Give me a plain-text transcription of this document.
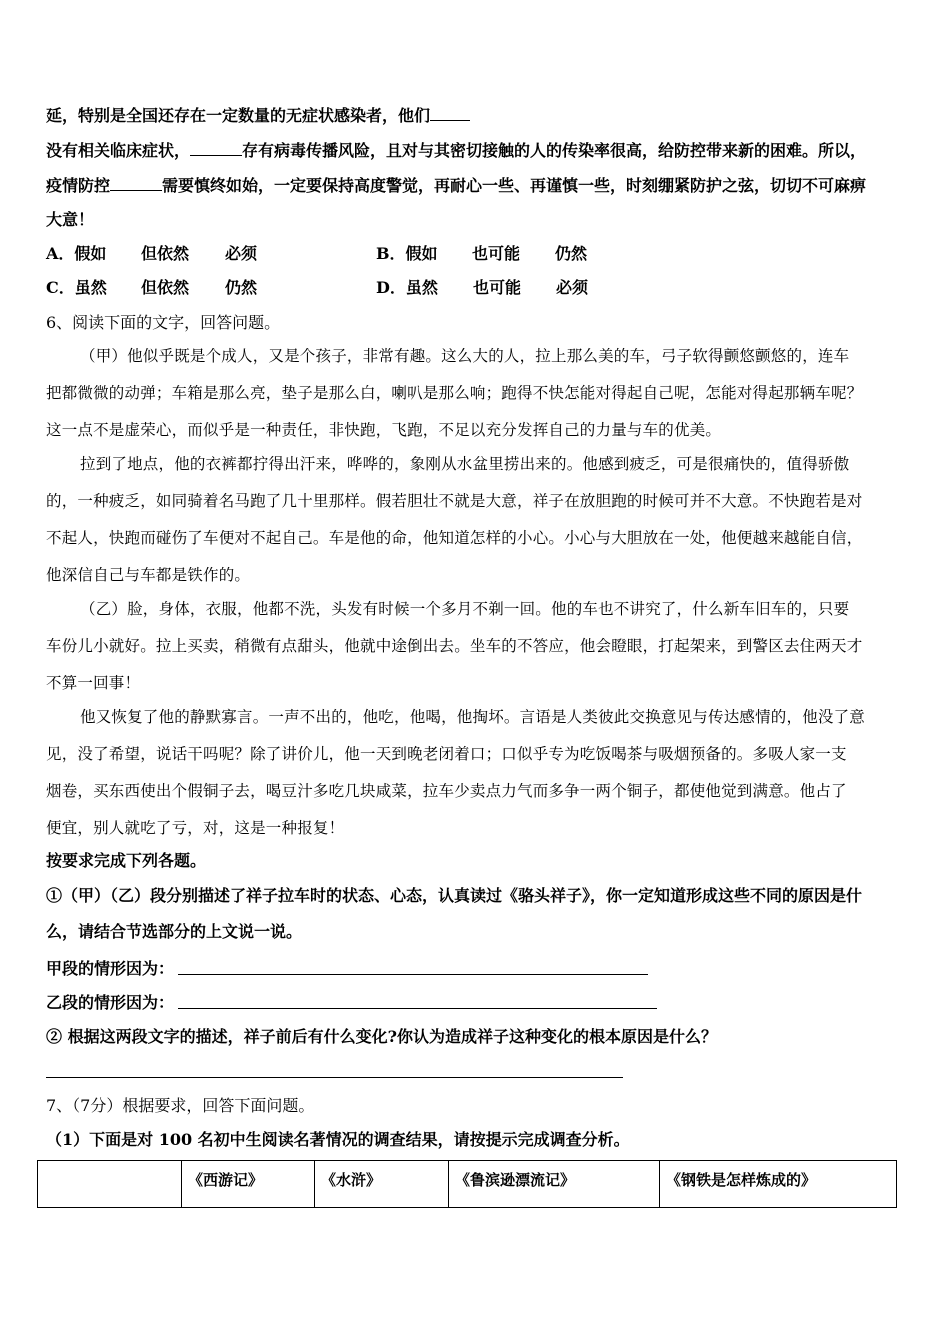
延，特别是全国还存在一定数量的无症状感染者，他们
没有相关临床症状，	存有病毒传播风险，且对与其密切接触的人的传染率很高，给防控带来新的困难。所以，
疫情防控	需要慎终如始，一定要保持高度警觉，再耐心一些、再谨慎一些，时刻绷紧防护之弦，切切不可麻痹
大意！
A．假如 但依然 必须	B．假如 也可能 仍然
C．虽然 但依然 仍然	D．虽然 也可能 必须
6、阅读下面的文字，回答问题。
（甲）他似乎既是个成人，又是个孩子，非常有趣。这么大的人，拉上那么美的车，弓子软得颤悠颤悠的，连车
把都微微的动弹；车箱是那么亮，垫子是那么白，喇叭是那么响；跑得不快怎能对得起自己呢，怎能对得起那辆车呢？
这一点不是虚荣心，而似乎是一种责任，非快跑，飞跑，不足以充分发挥自己的力量与车的优美。
拉到了地点，他的衣裤都拧得出汗来，哗哗的，象刚从水盆里捞出来的。他感到疲乏，可是很痛快的，值得骄傲
的，一种疲乏，如同骑着名马跑了几十里那样。假若胆壮不就是大意，祥子在放胆跑的时候可并不大意。不快跑若是对
不起人，快跑而碰伤了车便对不起自己。车是他的命，他知道怎样的小心。小心与大胆放在一处，他便越来越能自信，
他深信自己与车都是铁作的。
（乙）脸，身体，衣服，他都不洗，头发有时候一个多月不剃一回。他的车也不讲究了，什么新车旧车的，只要
车份儿小就好。拉上买卖，稍微有点甜头，他就中途倒出去。坐车的不答应，他会瞪眼，打起架来，到警区去住两天才
不算一回事！
他又恢复了他的静默寡言。一声不出的，他吃，他喝，他掏坏。言语是人类彼此交换意见与传达感情的，他没了意
见，没了希望，说话干吗呢？除了讲价儿，他一天到晚老闭着口；口似乎专为吃饭喝茶与吸烟预备的。多吸人家一支
烟卷，买东西使出个假铜子去，喝豆汁多吃几块咸菜，拉车少卖点力气而多争一两个铜子，都使他觉到满意。他占了
便宜，别人就吃了亏，对，这是一种报复！
按要求完成下列各题。
①（甲）（乙）段分别描述了祥子拉车时的状态、心态，认真读过《骆头祥子》，你一定知道形成这些不同的原因是什
么，请结合节选部分的上文说一说。
甲段的情形因为：
乙段的情形因为：
② 根据这两段文字的描述，祥子前后有什么变化?你认为造成祥子这种变化的根本原因是什么？
7、（7分）根据要求，回答下面问题。
（1）下面是对 100 名初中生阅读名著情况的调查结果，请按提示完成调查分析。
	《西游记》	《水浒》	《鲁滨逊漂流记》	《钢铁是怎样炼成的》
